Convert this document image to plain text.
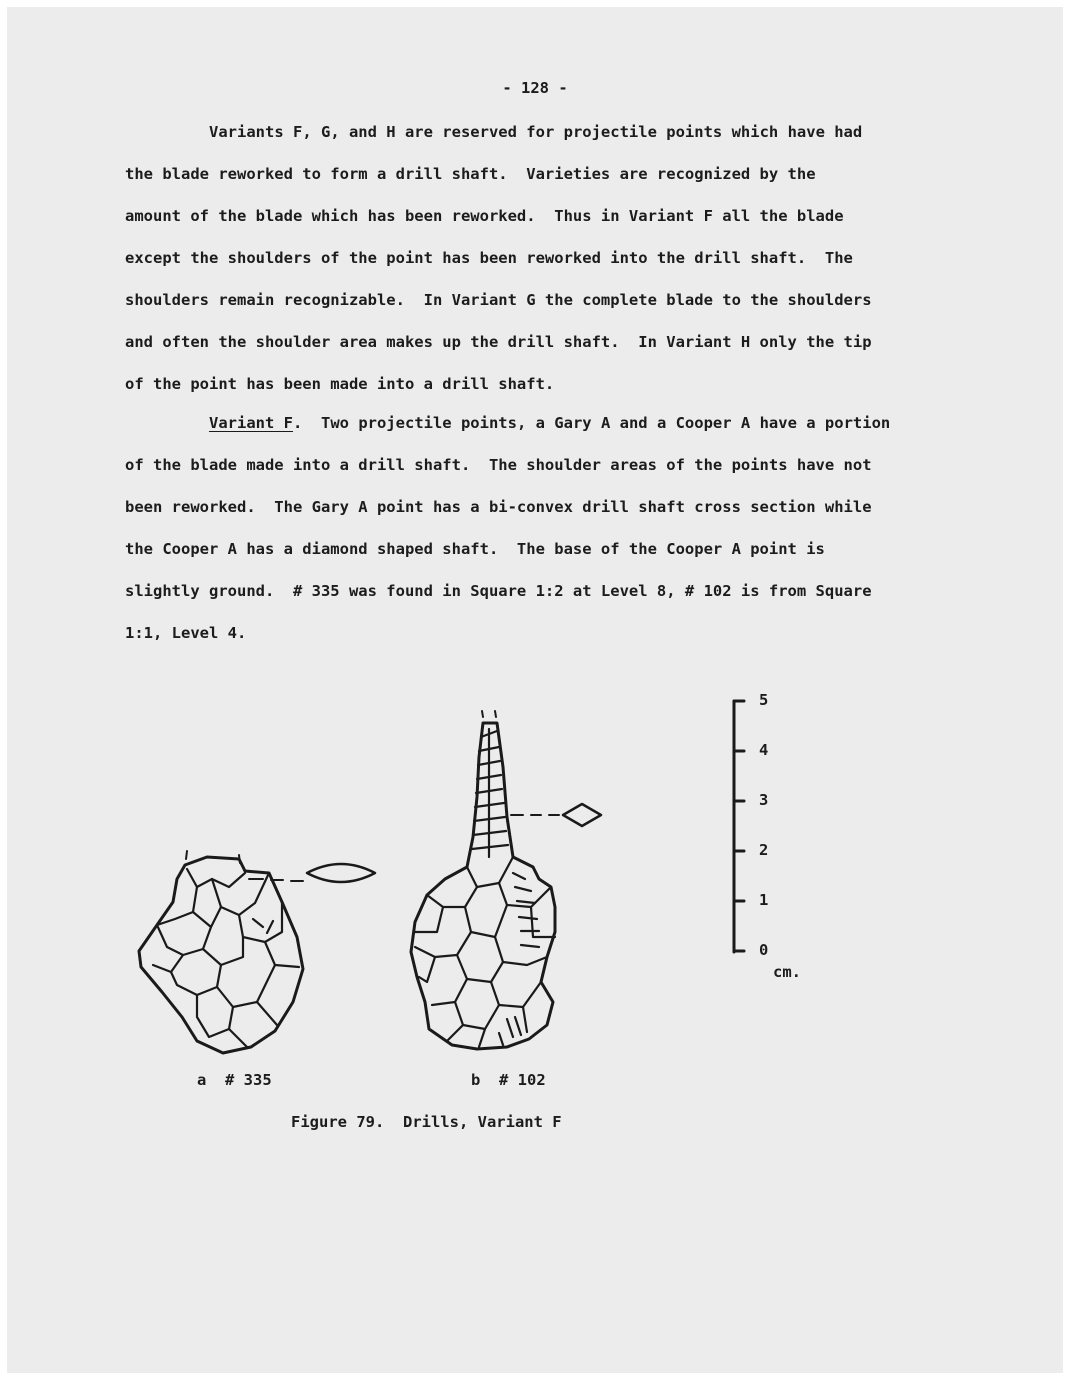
- 128 -
Variants F, G, and H are reserved for projectile points which have had
the blade reworked to form a drill shaft.  Varieties are recognized by the
amount of the blade which has been reworked.  Thus in Variant F all the blade
except the shoulders of the point has been reworked into the drill shaft.  The
shoulders remain recognizable.  In Variant G the complete blade to the shoulders
and often the shoulder area makes up the drill shaft.  In Variant H only the tip
of the point has been made into a drill shaft.
Variant F.  Two projectile points, a Gary A and a Cooper A have a portion
of the blade made into a drill shaft.  The shoulder areas of the points have not
been reworked.  The Gary A point has a bi-convex drill shaft cross section while
the Cooper A has a diamond shaped shaft.  The base of the Cooper A point is
slightly ground.  # 335 was found in Square 1:2 at Level 8, # 102 is from Square
1:1, Level 4.
5
4
3
2
1
0
cm.
a # 335	b # 102
Figure 79.  Drills, Variant F
